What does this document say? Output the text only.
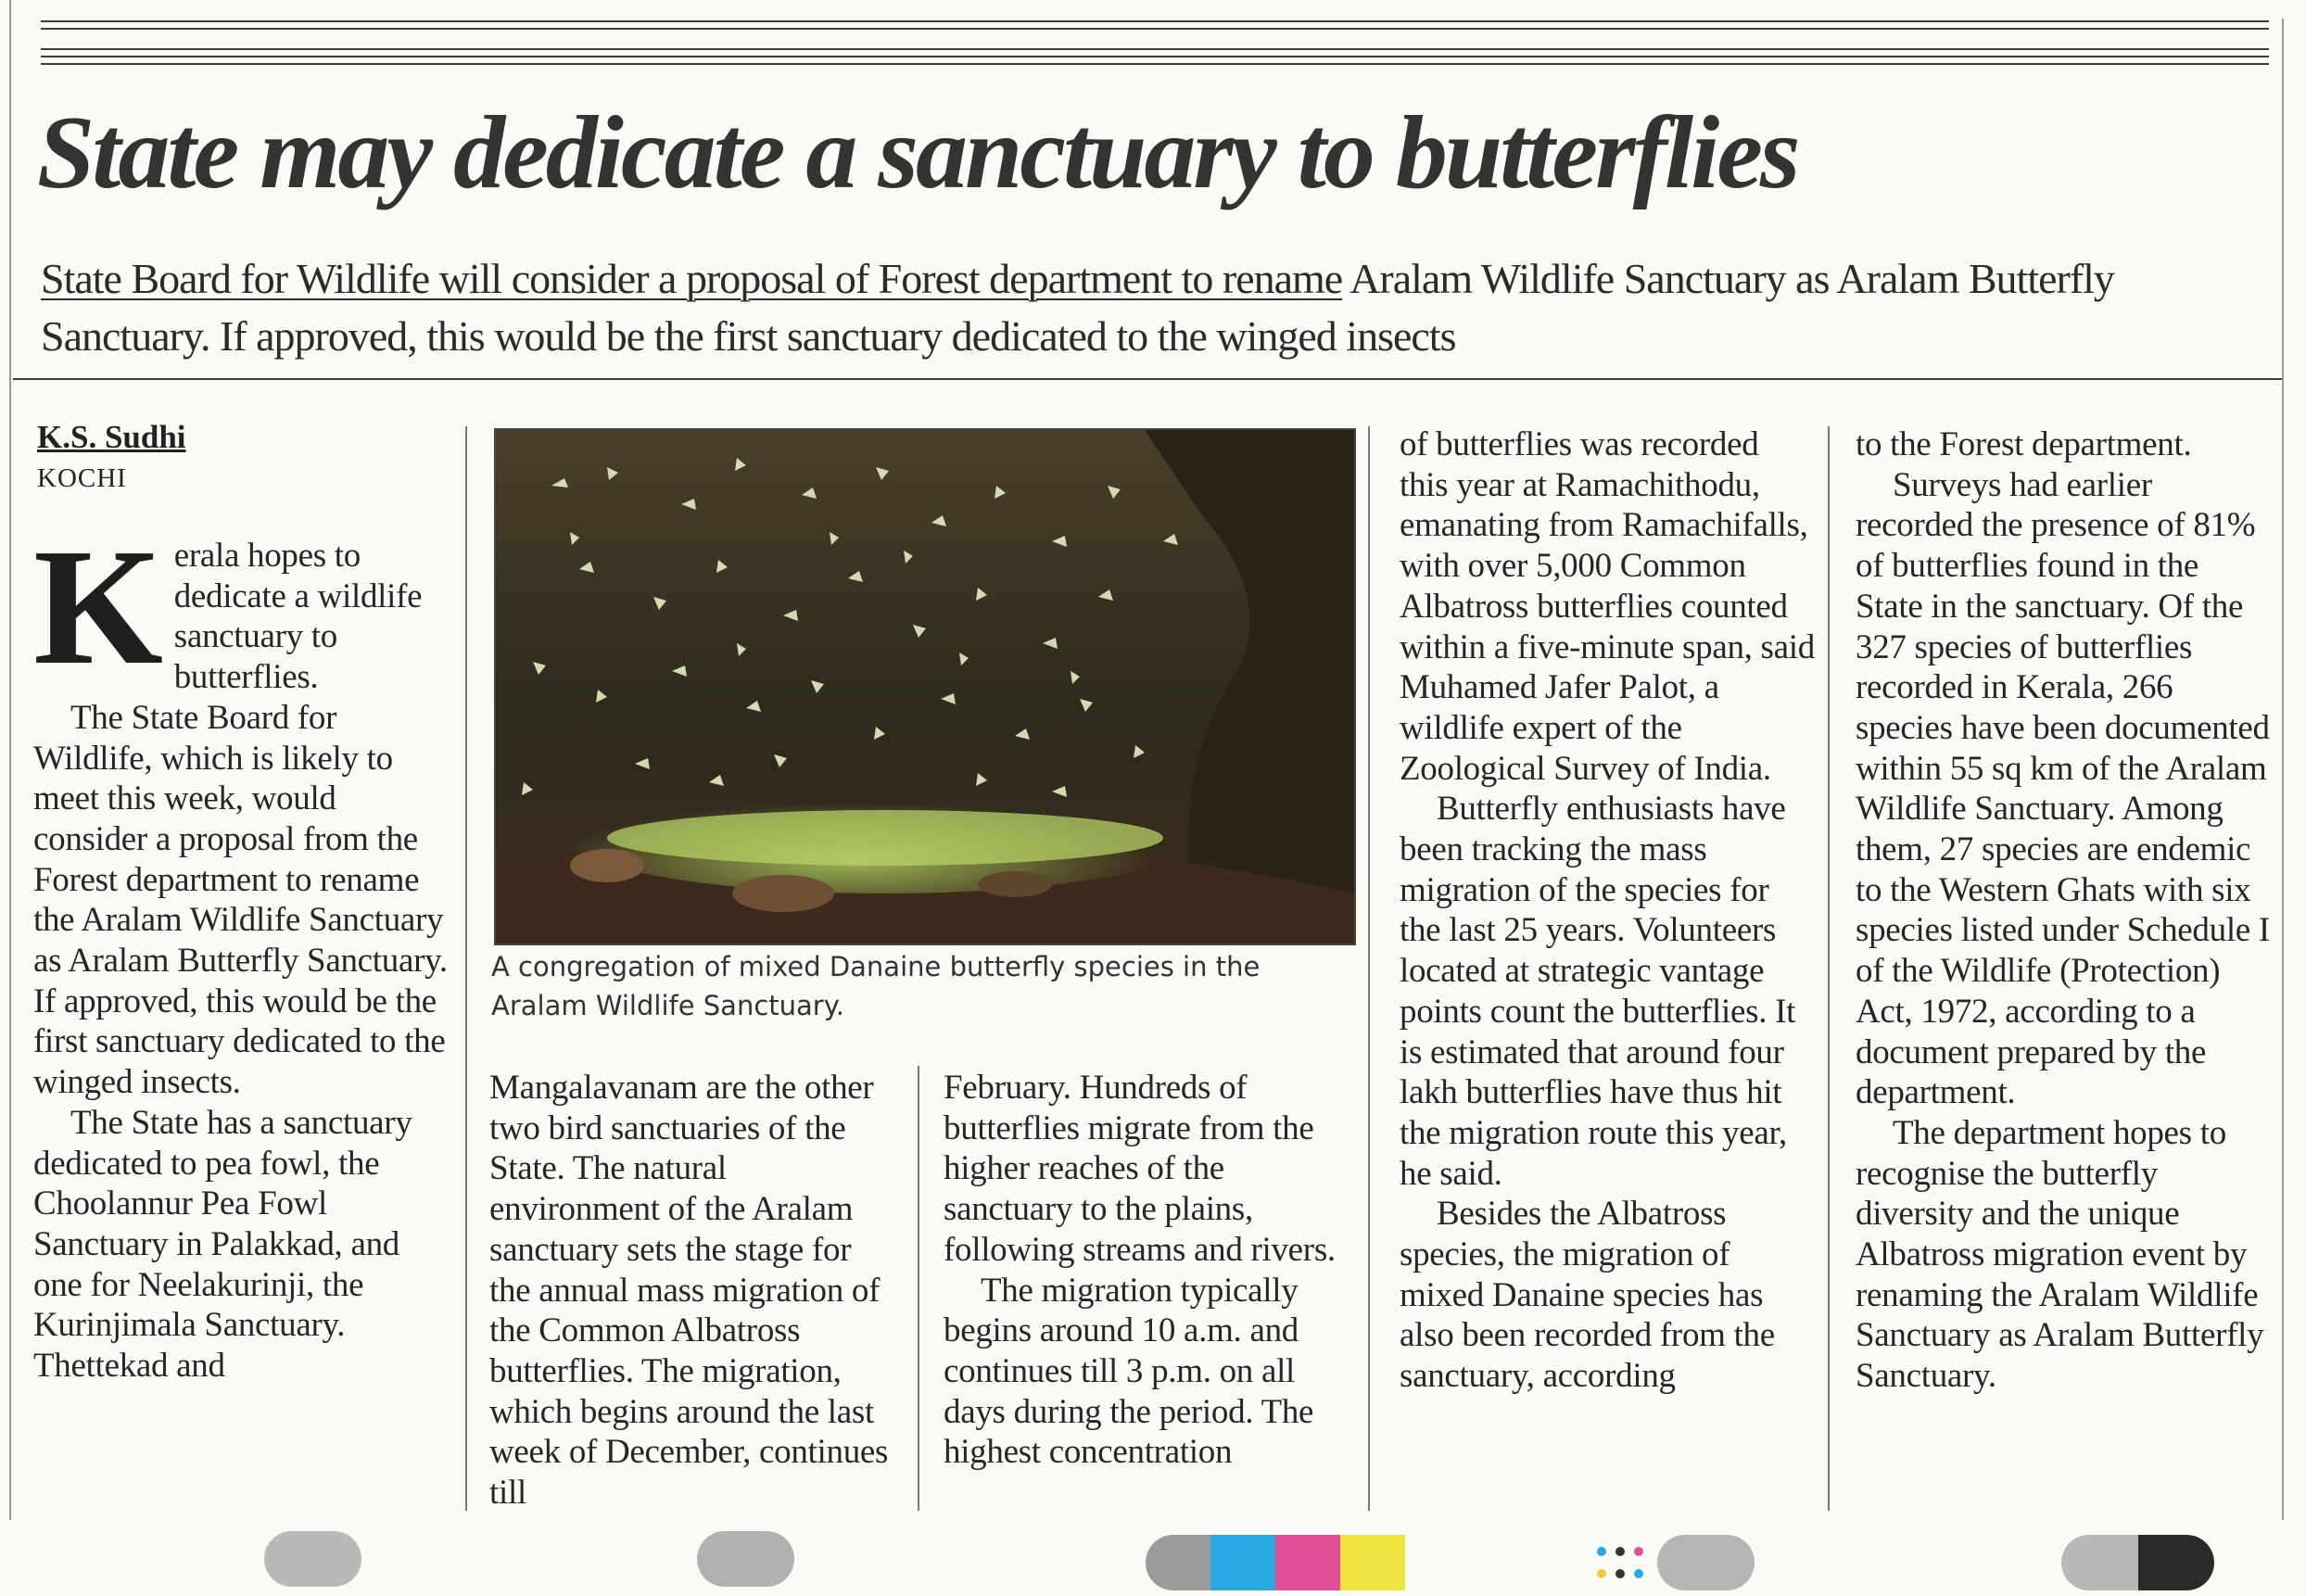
State may dedicate a sanctuary to butterflies
State Board for Wildlife will consider a proposal of Forest department to rename Aralam Wildlife Sanctuary as Aralam Butterfly Sanctuary. If approved, this would be the first sanctuary dedicated to the winged insects
K.S. Sudhi
KOCHI
A congregation of mixed Danaine butterfly species in the Aralam Wildlife Sanctuary.

Kerala hopes to dedicate a wildlife sanctuary to butterflies.

The State Board for Wildlife, which is likely to meet this week, would consider a proposal from the Forest department to rename the Aralam Wildlife Sanctuary as Aralam Butterfly Sanctuary. If approved, this would be the first sanctuary dedicated to the winged insects.

The State has a sanctuary dedicated to pea fowl, the Choolannur Pea Fowl Sanctuary in Palakkad, and one for Neelakurinji, the Kurinjimala Sanctuary. Thettekad and

Mangalavanam are the other two bird sanctuaries of the State. The natural environment of the Aralam sanctuary sets the stage for the annual mass migration of the Common Albatross butterflies. The migration, which begins around the last week of December, continues till

February. Hundreds of butterflies migrate from the higher reaches of the sanctuary to the plains, following streams and rivers.

The migration typically begins around 10 a.m. and continues till 3 p.m. on all days during the period. The highest concentration

of butterflies was recorded this year at Ramachithodu, emanating from Ramachifalls, with over 5,000 Common Albatross butterflies counted within a five-minute span, said Muhamed Jafer Palot, a wildlife expert of the Zoological Survey of India.

Butterfly enthusiasts have been tracking the mass migration of the species for the last 25 years. Volunteers located at strategic vantage points count the butterflies. It is estimated that around four lakh butterflies have thus hit the migration route this year, he said.

Besides the Albatross species, the migration of mixed Danaine species has also been recorded from the sanctuary, according

to the Forest department.

Surveys had earlier recorded the presence of 81% of butterflies found in the State in the sanctuary. Of the 327 species of butterflies recorded in Kerala, 266 species have been documented within 55 sq km of the Aralam Wildlife Sanctuary. Among them, 27 species are endemic to the Western Ghats with six species listed under Schedule I of the Wildlife (Protection) Act, 1972, according to a document prepared by the department.

The department hopes to recognise the butterfly diversity and the unique Albatross migration event by renaming the Aralam Wildlife Sanctuary as Aralam Butterfly Sanctuary.
